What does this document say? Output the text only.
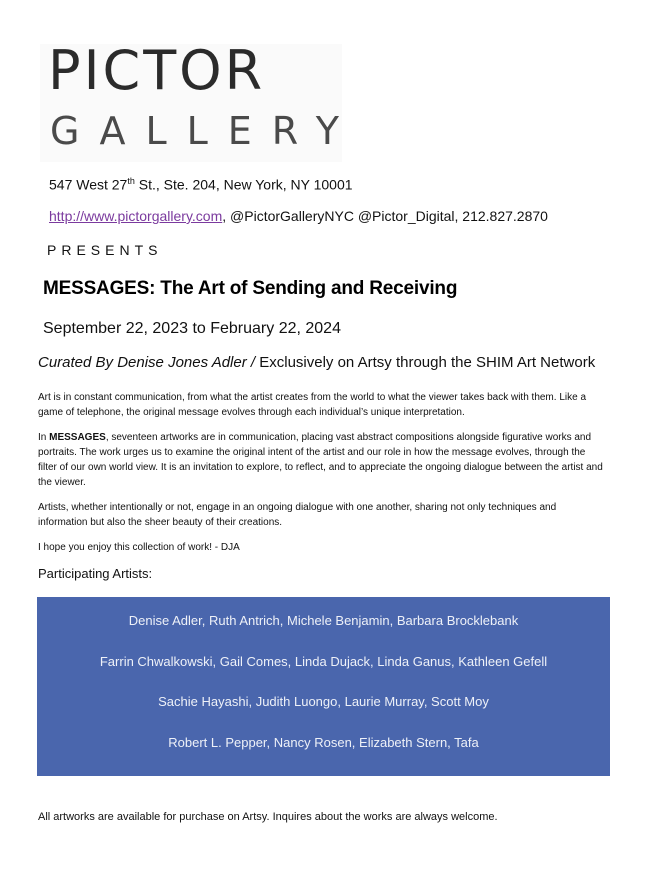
PICTOR
GALLERY
547 West 27th St., Ste. 204, New York, NY 10001
http://www.pictorgallery.com, @PictorGalleryNYC @Pictor_Digital, 212.827.2870
PRESENTS
MESSAGES: The Art of Sending and Receiving
September 22, 2023 to February 22, 2024
Curated By Denise Jones Adler / Exclusively on Artsy through the SHIM Art Network

Art is in constant communication, from what the artist creates from the world to what the viewer takes back with them. Like a game of telephone, the original message evolves through each individual’s unique interpretation.

In MESSAGES, seventeen artworks are in communication, placing vast abstract compositions alongside figurative works and portraits. The work urges us to examine the original intent of the artist and our role in how the message evolves, through the filter of our own world view. It is an invitation to explore, to reflect, and to appreciate the ongoing dialogue between the artist and the viewer.

Artists, whether intentionally or not, engage in an ongoing dialogue with one another, sharing not only techniques and information but also the sheer beauty of their creations.

I hope you enjoy this collection of work! - DJA

Participating Artists:
Denise Adler, Ruth Antrich, Michele Benjamin, Barbara Brocklebank
Farrin Chwalkowski, Gail Comes, Linda Dujack, Linda Ganus, Kathleen Gefell
Sachie Hayashi, Judith Luongo, Laurie Murray, Scott Moy
Robert L. Pepper, Nancy Rosen, Elizabeth Stern, Tafa
All artworks are available for purchase on Artsy. Inquires about the works are always welcome.
